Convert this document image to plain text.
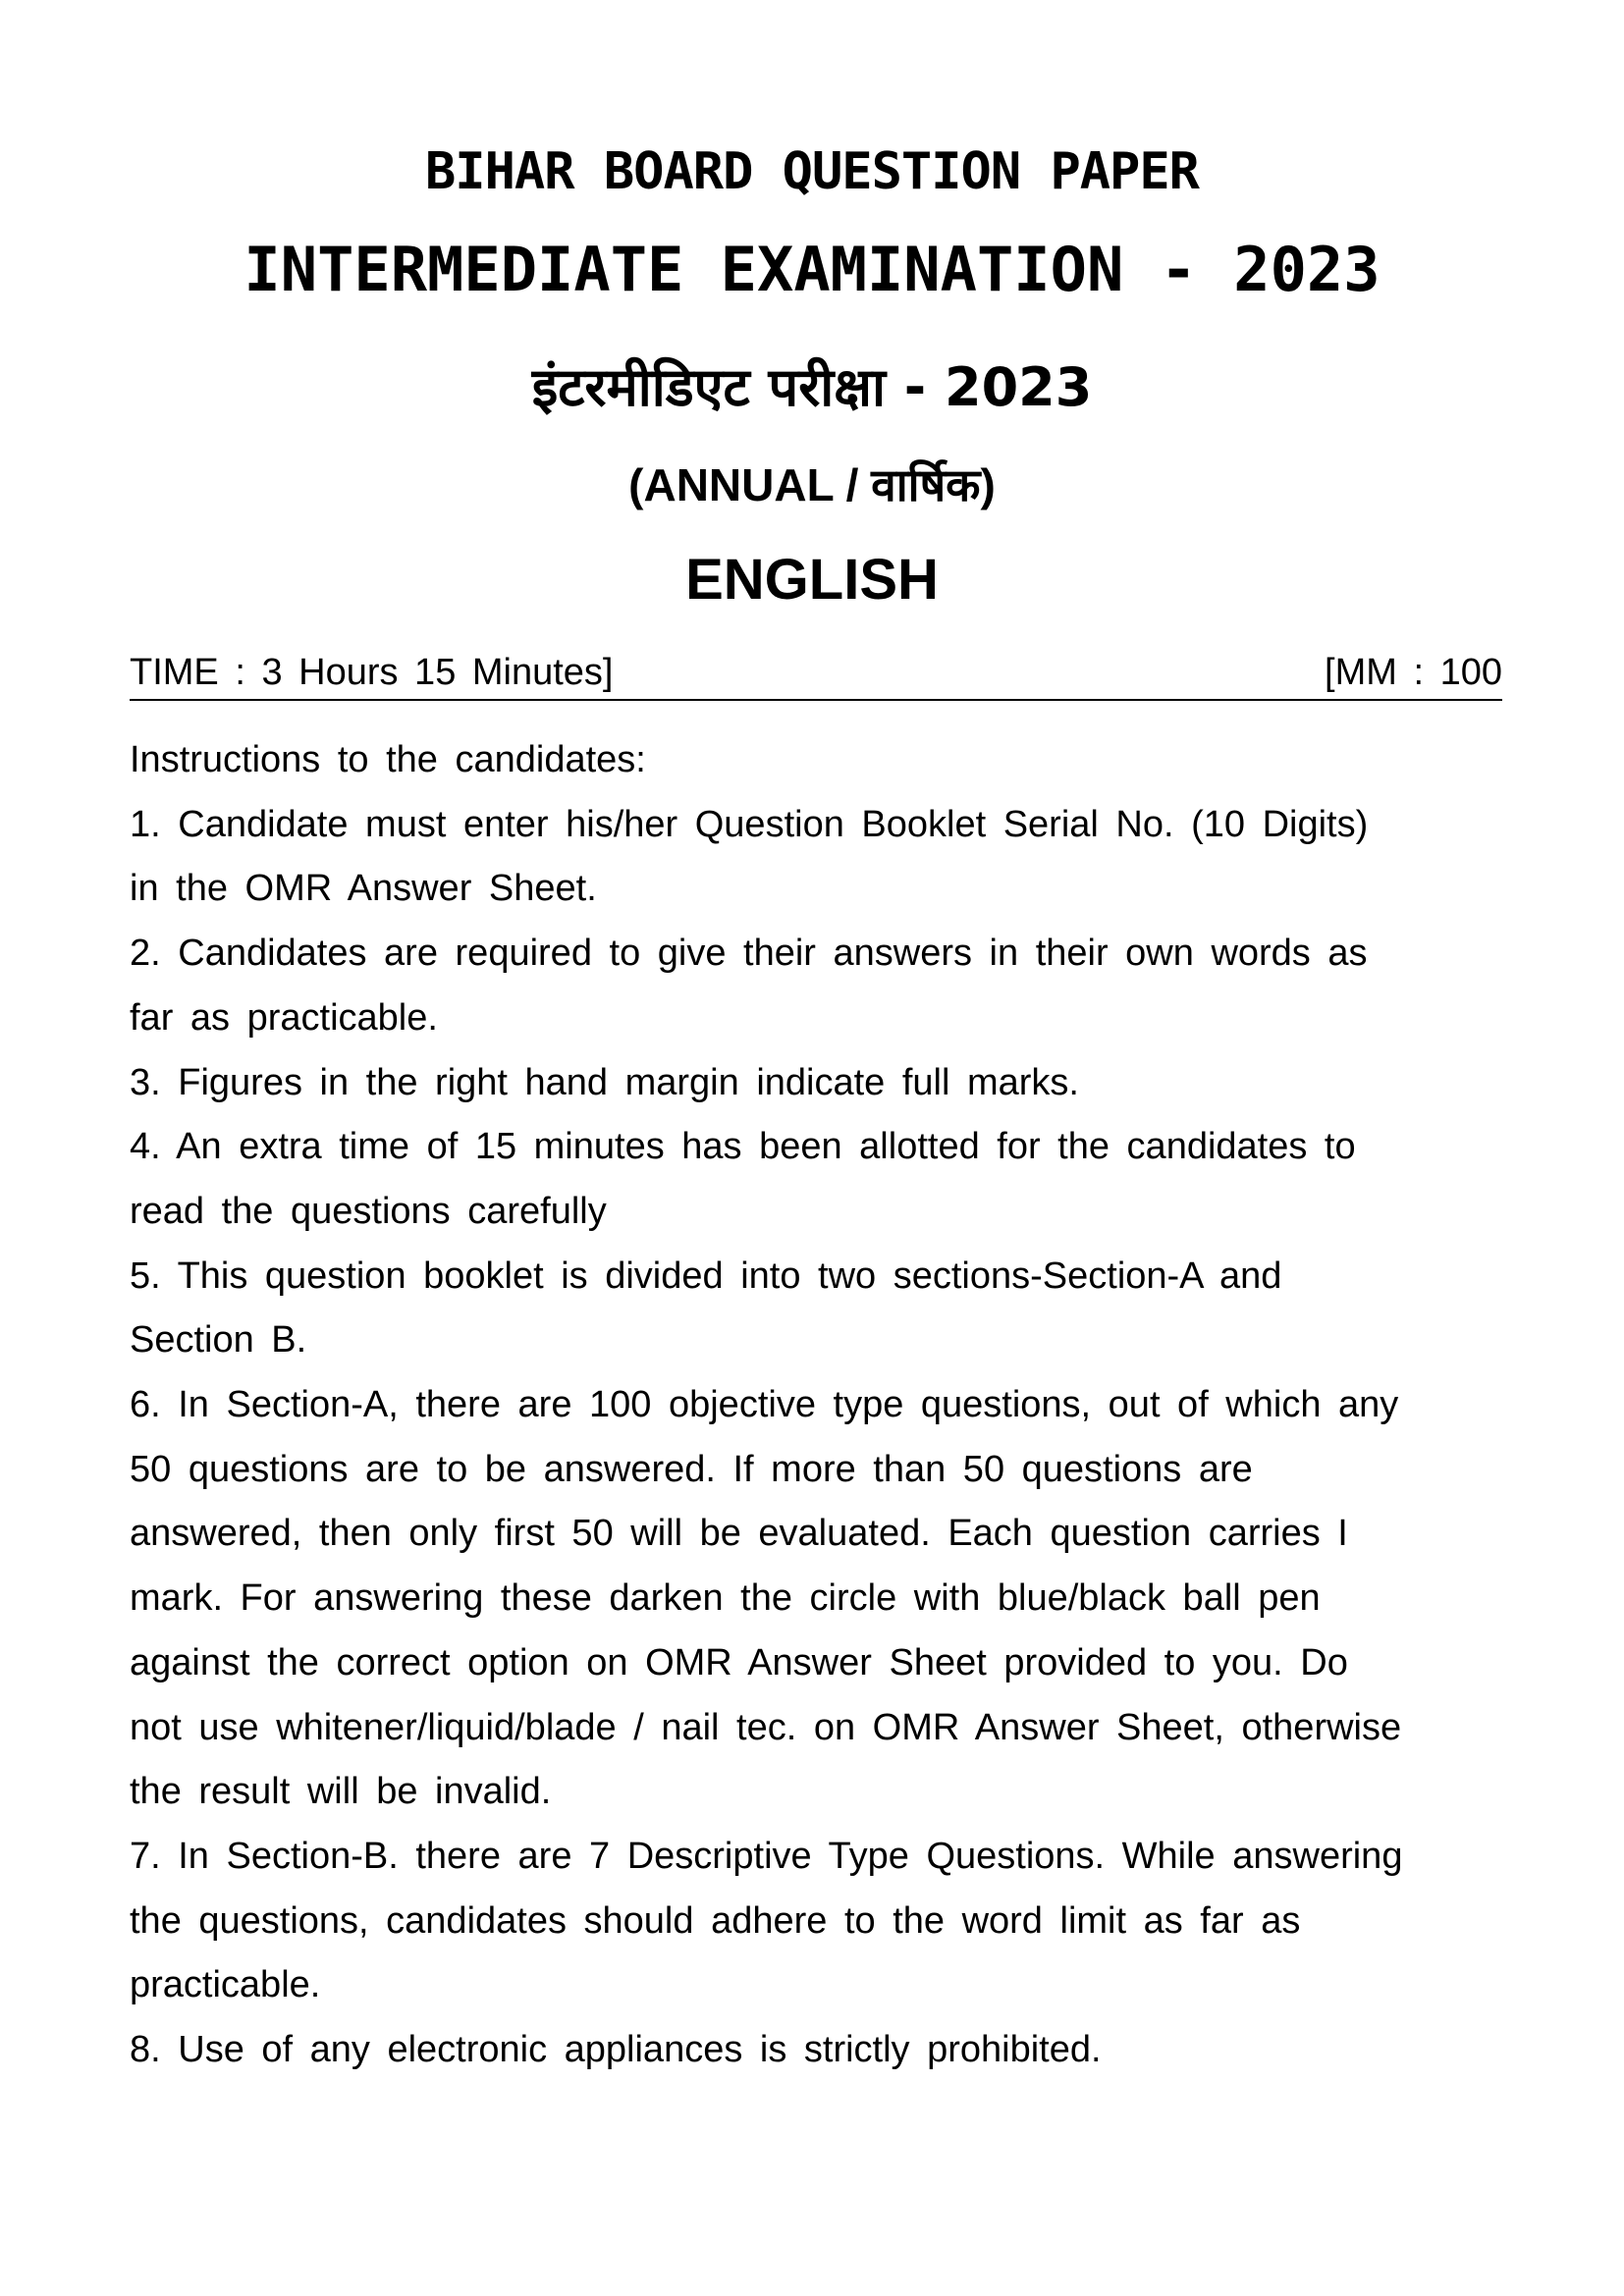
BIHAR BOARD QUESTION PAPER
INTERMEDIATE EXAMINATION - 2023
इंटरमीडिएट परीक्षा - 2023
(ANNUAL / वार्षिक)
ENGLISH
TIME : 3 Hours 15 Minutes]	[MM : 100
Instructions to the candidates:
1. Candidate must enter his/her Question Booklet Serial No. (10 Digits)
in the OMR Answer Sheet.
2. Candidates are required to give their answers in their own words as
far as practicable.
3. Figures in the right hand margin indicate full marks.
4. An extra time of 15 minutes has been allotted for the candidates to
read the questions carefully
5. This question booklet is divided into two sections-Section-A and
Section B.
6. In Section-A, there are 100 objective type questions, out of which any
50 questions are to be answered. If more than 50 questions are
answered, then only first 50 will be evaluated. Each question carries I
mark. For answering these darken the circle with blue/black ball pen
against the correct option on OMR Answer Sheet provided to you. Do
not use whitener/liquid/blade / nail tec. on OMR Answer Sheet, otherwise
the result will be invalid.
7. In Section-B. there are 7 Descriptive Type Questions. While answering
the questions, candidates should adhere to the word limit as far as
practicable.
8. Use of any electronic appliances is strictly prohibited.
